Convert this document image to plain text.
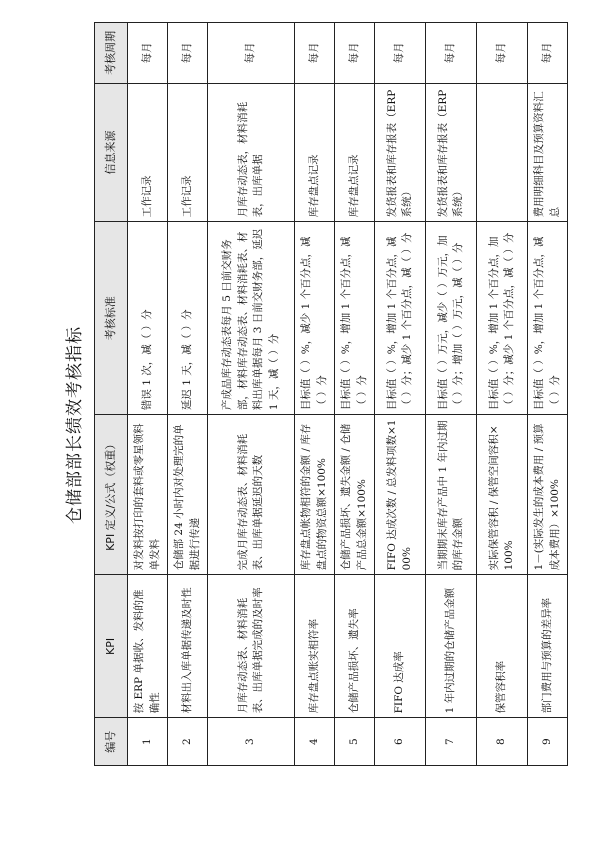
仓储部部长绩效考核指标
编号	KPI	KPI 定义/公式（权重）	考核标准	信息来源	考核周期
1	按 ERP 单据收、发料的准确性	对发料按打印的套料或零星领料单发料	错误 1 次，减（ ）分	工作记录	每月
2	材料出入库单据传递及时性	仓储部 24 小时内对处理完的单据进行传递	延迟 1 天，减（ ）分	工作记录	每月
3	月库存动态表、材料消耗表、出库单据完成的及时率	完成月库存动态表、材料消耗表、出库单据延迟的天数	产成品库存动态表每月 5 日前交财务部，材料库存动态表、材料消耗表、材料出库单据每月 3 日前交财务部，延迟 1 天，减（ ）分	月库存动态表，材料消耗表，出库单据	每月
4	库存盘点账实相符率	库存盘点帐物相符的金额 / 库存盘点的物资总额×100%	目标值（ ）%，减少 1 个百分点，减（ ）分	库存盘点记录	每月
5	仓储产品损坏、遗失率	仓储产品损坏、遗失金额 / 仓储产品总金额×100%	目标值（ ）%，增加 1 个百分点，减（ ）分	库存盘点记录	每月
6	FIFO 达成率	FIFO 达成次数 / 总发料项数×100%	目标值（ ）%，增加 1 个百分点，减（ ）分；减少 1 个百分点，减（ ）分	发货报表和库存报表（ERP 系统）	每月
7	1 年内过期的仓储产品金额	当期期末库存产品中 1 年内过期的库存金额	目标值（ ）万元，减少（ ）万元，加（ ）分；增加（ ）万元，减（ ）分	发货报表和库存报表（ERP 系统）	每月
8	保管容积率	实际保管容积 / 保管空间容积×100%	目标值（ ）%，增加 1 个百分点，加（ ）分；减少 1 个百分点，减（ ）分		每月
9	部门费用与预算的差异率	1－(实际发生的成本费用 / 预算成本费用）×100%	目标值（ ）%，增加 1 个百分点，减（ ）分	费用明细科目及预算资料汇总	每月
